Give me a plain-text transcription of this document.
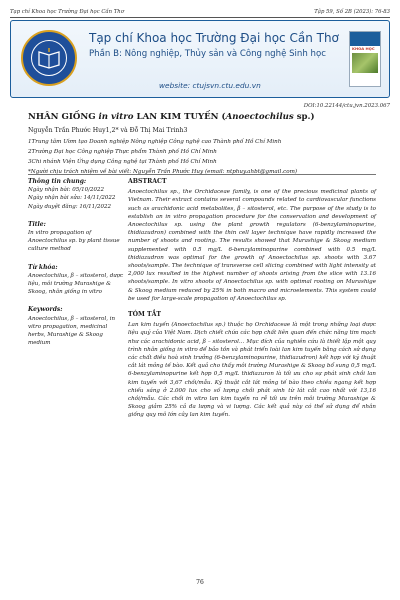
Tạp chí Khoa học Trường Đại học Cần Thơ	Tập 59, Số 2B (2023): 76-83
Tạp chí Khoa học Trường Đại học Cần Thơ
Phần B: Nông nghiệp, Thủy sản và Công nghệ Sinh học
website: ctujsvn.ctu.edu.vn
KHOA HỌC
DOI:10.22144/ctu.jvn.2023.067
NHÂN GIỐNG in vitro LAN KIM TUYẾN (Anoectochilus sp.)
Nguyễn Trần Phước Huy1,2* và Đỗ Thị Mai Trinh3
1Trung tâm Ươm tạo Doanh nghiệp Nông nghiệp Công nghệ cao Thành phố Hồ Chí Minh
2Trường Đại học Công nghiệp Thực phẩm Thành phố Hồ Chí Minh
3Chi nhánh Viện Ứng dụng Công nghệ tại Thành phố Hồ Chí Minh
*Người chịu trách nhiệm về bài viết: Nguyễn Trần Phước Huy (email: ntphuy.ahbt@gmail.com)
Thông tin chung:

Ngày nhận bài: 05/10/2022

Ngày nhận bài sửa: 14/11/2022

Ngày duyệt đăng: 16/11/2022

Title:

In vitro propagation of Anoectochilus sp. by plant tissue culture method

Từ khóa:

Anoectochilus, β – sitosterol, dược liệu, môi trường Murashige & Skoog, nhân giống in vitro

Keywords:

Anoectochilus, β – sitosterol, in vitro propagation, medicinal herbs, Murashige & Skoog medium

ABSTRACT

Anoectochilus sp., the Orchidaceae family, is one of the precious medicinal plants of Vietnam. Their extract contains several compounds related to cardiovascular functions such as arachidonic acid metabolites, β – sitosterol, etc. The purpose of the study is to establish an in vitro propagation procedure for the conservation and development of Anoectochilus sp. using the plant growth regulators (6-benzylaminopurine, thidiazudron) combined with the thin cell layer technique have rapidly increased the number of shoots and rooting. The results showed that Murashige & Skoog medium supplemented with 0.5 mg/L 6-benzylaminopurine combined with 0.5 mg/L thidiazudron was optimal for the growth of Anoectochilus sp. shoots with 3.67 shoots/sample. The technique of transverse cell slicing combined with light intensity at 2,000 lux resulted in the highest number of shoots arising from the slice with 13.16 shoots/sample. In vitro shoots of Anoectochilus sp. with optimal rooting on Murashige & Skoog medium reduced by 25% in both macro and microelements. This system could be used for large-scale propagation of Anoectochilus sp.

TÓM TẮT

Lan kim tuyến (Anoectochilus sp.) thuộc họ Orchidaceae là một trong những loại dược liệu quý của Việt Nam. Dịch chiết chứa các hợp chất liên quan đến chức năng tim mạch như các arachidonic acid, β – sitosterol… Mục đích của nghiên cứu là thiết lập một quy trình nhân giống in vitro để bảo tồn và phát triển loài lan kim tuyến bằng cách sử dụng các chất điều hoà sinh trưởng (6-benzylaminopurine, thidiazudron) kết hợp với kỹ thuật cắt lát mỏng tế bào. Kết quả cho thấy môi trường Murashige & Skoog bổ sung 0,5 mg/L 6-benzylaminopurine kết hợp 0,5 mg/L thidiazuron là tối ưu cho sự phát sinh chồi lan kim tuyến với 3,67 chồi/mẫu. Kỹ thuật cắt lát mỏng tế bào theo chiều ngang kết hợp chiếu sáng ở 2.000 lux cho số lượng chồi phát sinh từ lát cắt cao nhất với 13,16 chồi/mẫu. Các chồi in vitro lan kim tuyến ra rễ tối ưu trên môi trường Murashige & Skoog giảm 25% cả đa lượng và vi lượng. Các kết quả này có thể sử dụng để nhân giống quy mô lớn cây lan kim tuyến.

76
